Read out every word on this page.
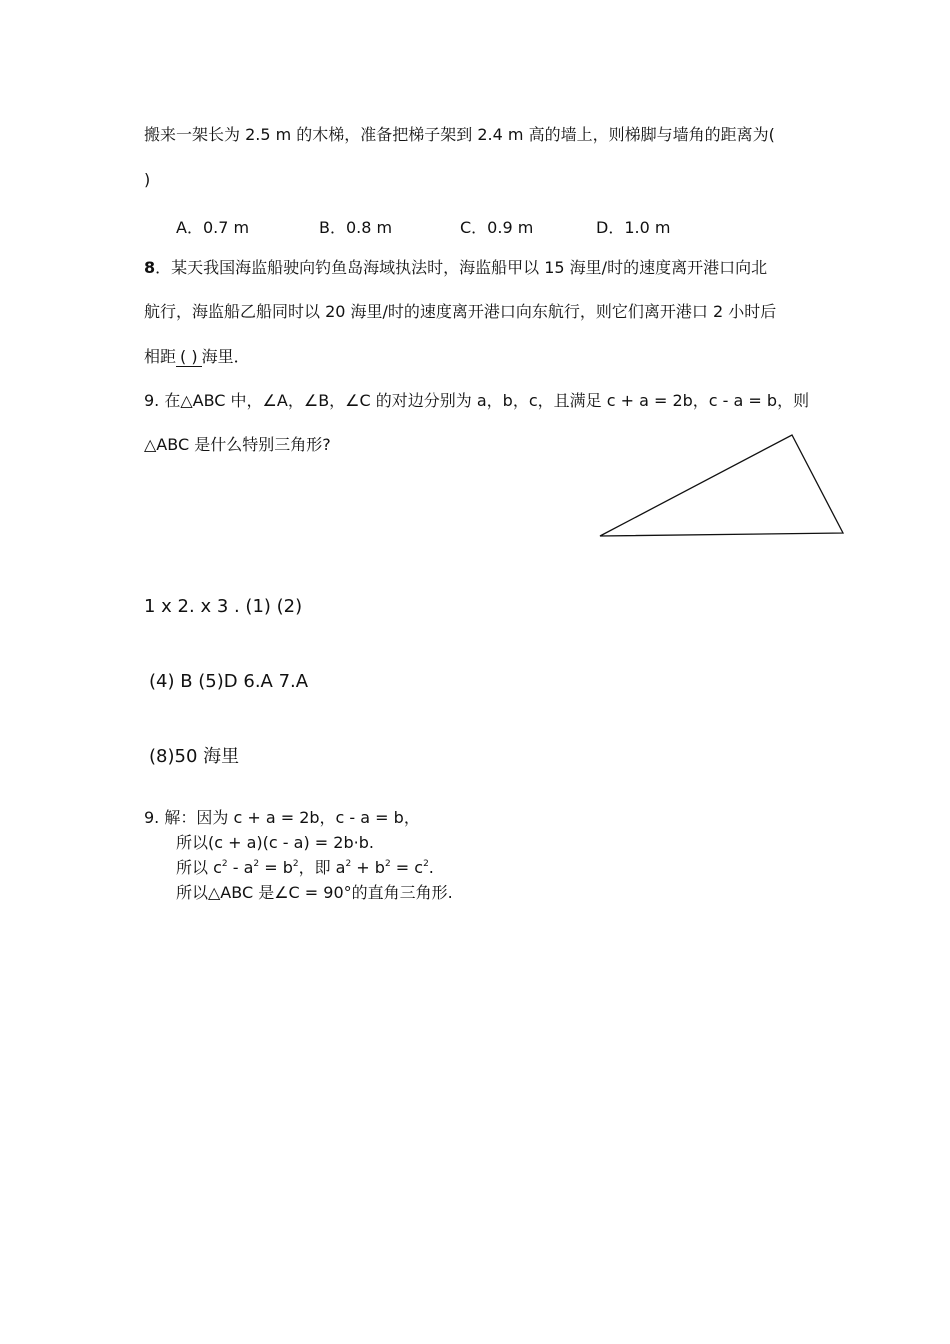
搬来一架长为 2.5 m 的木梯，准备把梯子架到 2.4 m 高的墙上，则梯脚与墙角的距离为(
)
A．0.7 m	B．0.8 m	C．0.9 m	D．1.0 m
8．某天我国海监船驶向钓鱼岛海域执法时，海监船甲以 15 海里/时的速度离开港口向北
航行，海监船乙船同时以 20 海里/时的速度离开港口向东航行，则它们离开港口 2 小时后
相距 ( ) 海里．
9. 在△ABC 中，∠A，∠B，∠C 的对边分别为 a，b，c，且满足 c + a = 2b，c - a = b，则
△ABC 是什么特别三角形?
1 x 2. x 3 . (1) (2)
(4) B (5)D 6.A 7.A
(8)50 海里
9. 解：因为 c + a = 2b，c - a = b，
所以(c + a)(c - a) = 2b·b.
所以 $c^2 - a^2 = b^2$，即 $a^2 + b^2 = c^2$.
所以△ABC 是∠C = 90°的直角三角形.
